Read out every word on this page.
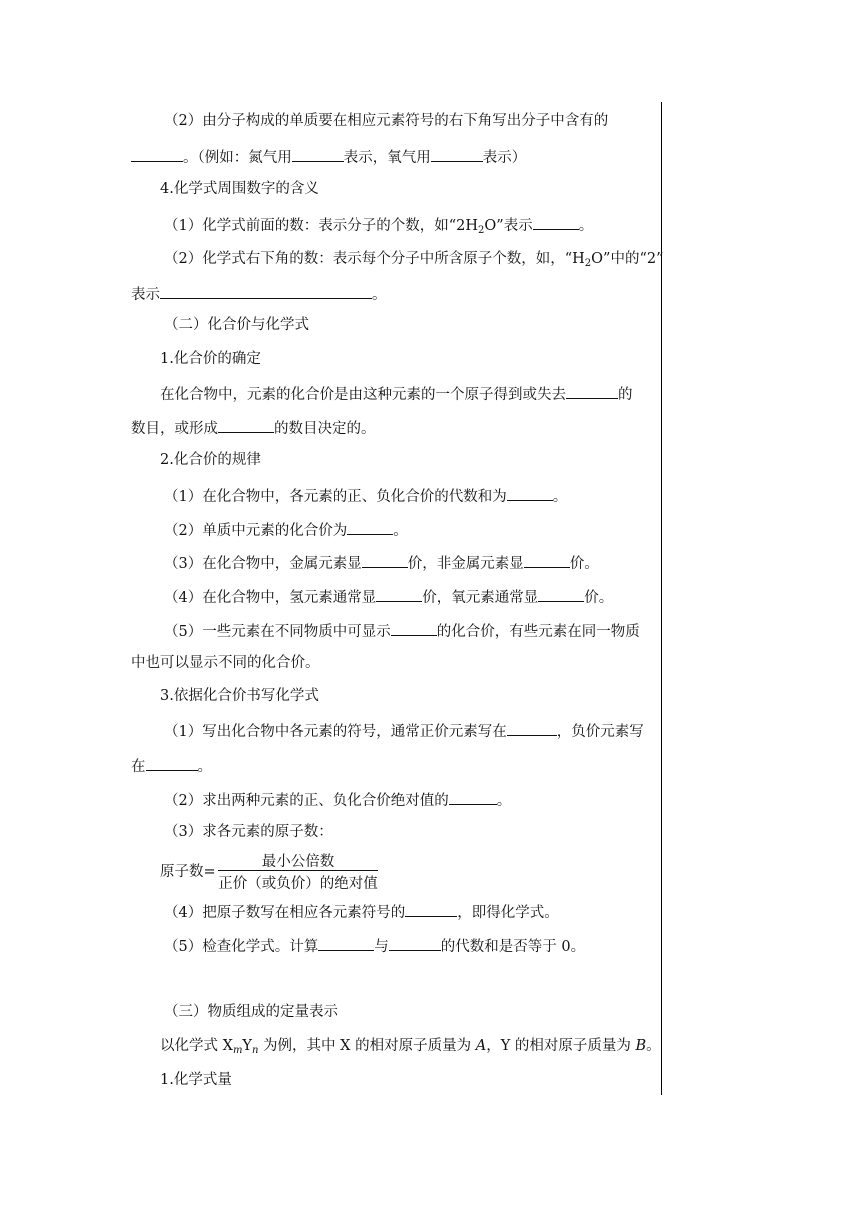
（2）由分子构成的单质要在相应元素符号的右下角写出分子中含有的
。（例如：氮气用	表示，氧气用	表示）
4.化学式周围数字的含义
（1）化学式前面的数：表示分子的个数，如“$2H_2O$”表示	。
（2）化学式右下角的数：表示每个分子中所含原子个数，如，“$H_2O$”中的“2”
表示	。
（二）化合价与化学式
1.化合价的确定
在化合物中，元素的化合价是由这种元素的一个原子得到或失去	的
数目，或形成	的数目决定的。
2.化合价的规律
（1）在化合物中，各元素的正、负化合价的代数和为	。
（2）单质中元素的化合价为	。
（3）在化合物中，金属元素显	价，非金属元素显	价。
（4）在化合物中，氢元素通常显	价，氧元素通常显	价。
（5）一些元素在不同物质中可显示	的化合价，有些元素在同一物质
中也可以显示不同的化合价。
3.依据化合价书写化学式
（1）写出化合物中各元素的符号，通常正价元素写在	，负价元素写
在	。
（2）求出两种元素的正、负化合价绝对值的	。
（3）求各元素的原子数：
原子数=
最小公倍数
正价（或负价）的绝对值
（4）把原子数写在相应各元素符号的	，即得化学式。
（5）检查化学式。计算	与	的代数和是否等于 0。
（三）物质组成的定量表示
以化学式 $X_mY_n$ 为例，其中 X 的相对原子质量为 A，Y 的相对原子质量为 B。
1.化学式量
